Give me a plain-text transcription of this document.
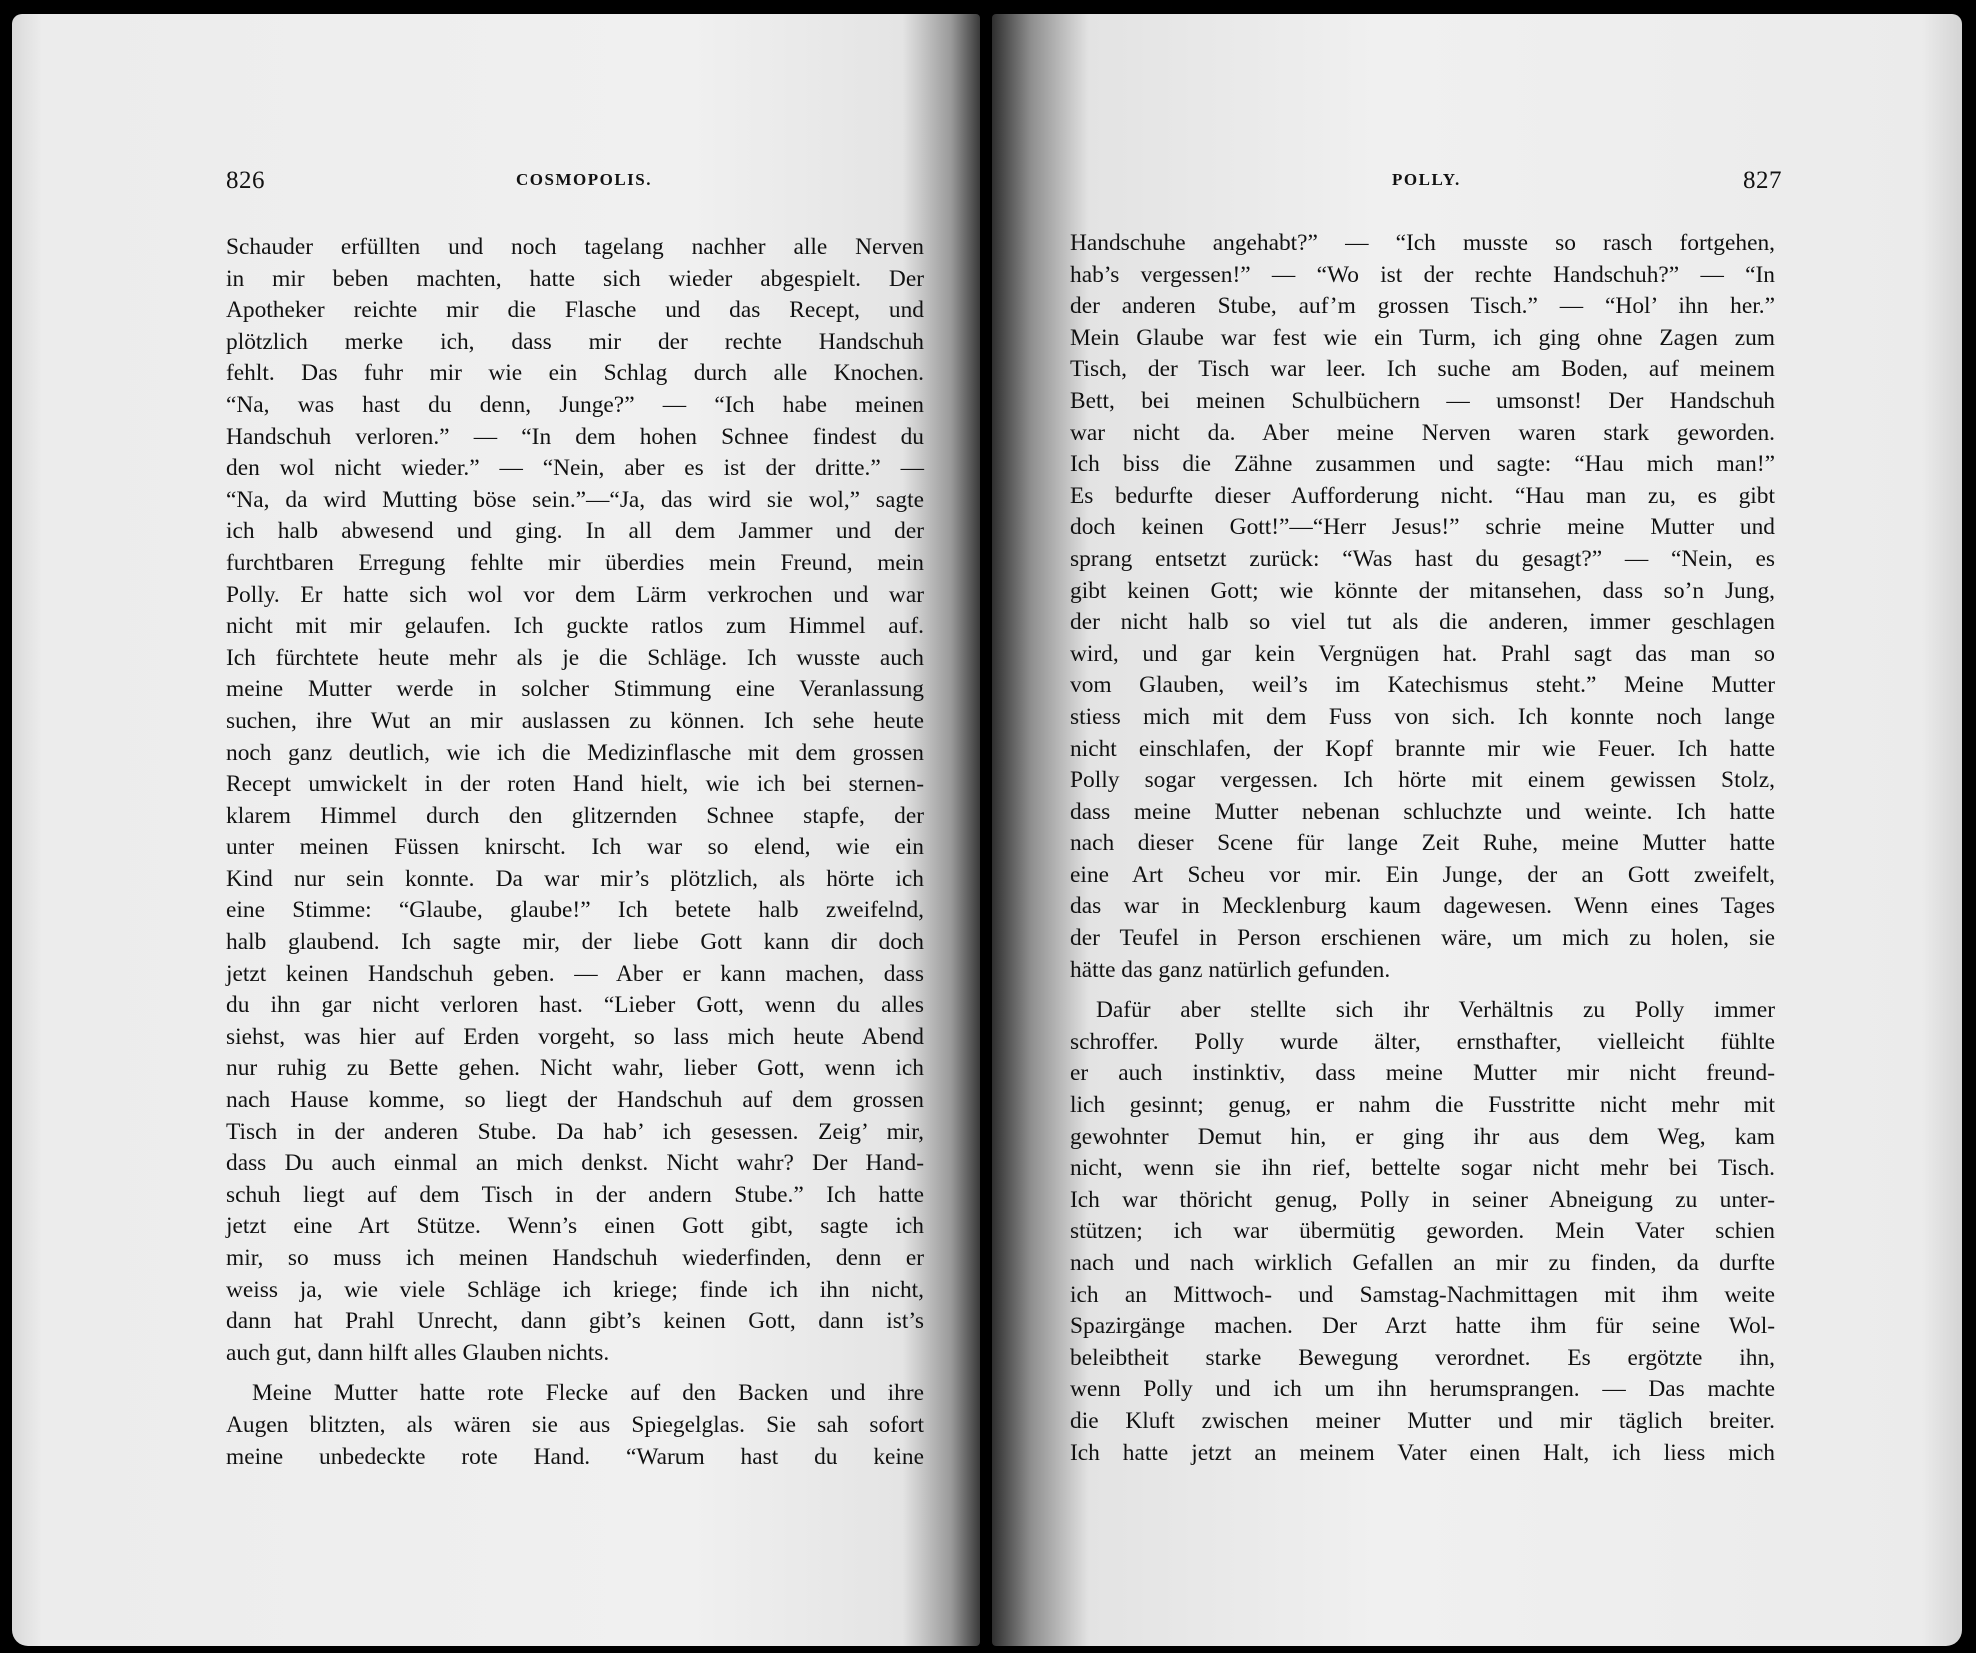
826	COSMOPOLIS.
Schauder erfüllten und noch tagelang nachher alle Nerven
in mir beben machten, hatte sich wieder abgespielt. Der
Apotheker reichte mir die Flasche und das Recept, und
plötzlich merke ich, dass mir der rechte Handschuh
fehlt. Das fuhr mir wie ein Schlag durch alle Knochen.
“Na, was hast du denn, Junge?” — “Ich habe meinen
Handschuh verloren.” — “In dem hohen Schnee findest du
den wol nicht wieder.” — “Nein, aber es ist der dritte.” —
“Na, da wird Mutting böse sein.”—“Ja, das wird sie wol,” sagte
ich halb abwesend und ging. In all dem Jammer und der
furchtbaren Erregung fehlte mir überdies mein Freund, mein
Polly. Er hatte sich wol vor dem Lärm verkrochen und war
nicht mit mir gelaufen. Ich guckte ratlos zum Himmel auf.
Ich fürchtete heute mehr als je die Schläge. Ich wusste auch
meine Mutter werde in solcher Stimmung eine Veranlassung
suchen, ihre Wut an mir auslassen zu können. Ich sehe heute
noch ganz deutlich, wie ich die Medizinflasche mit dem grossen
Recept umwickelt in der roten Hand hielt, wie ich bei sternen-
klarem Himmel durch den glitzernden Schnee stapfe, der
unter meinen Füssen knirscht. Ich war so elend, wie ein
Kind nur sein konnte. Da war mir’s plötzlich, als hörte ich
eine Stimme: “Glaube, glaube!” Ich betete halb zweifelnd,
halb glaubend. Ich sagte mir, der liebe Gott kann dir doch
jetzt keinen Handschuh geben. — Aber er kann machen, dass
du ihn gar nicht verloren hast. “Lieber Gott, wenn du alles
siehst, was hier auf Erden vorgeht, so lass mich heute Abend
nur ruhig zu Bette gehen. Nicht wahr, lieber Gott, wenn ich
nach Hause komme, so liegt der Handschuh auf dem grossen
Tisch in der anderen Stube. Da hab’ ich gesessen. Zeig’ mir,
dass Du auch einmal an mich denkst. Nicht wahr? Der Hand-
schuh liegt auf dem Tisch in der andern Stube.” Ich hatte
jetzt eine Art Stütze. Wenn’s einen Gott gibt, sagte ich
mir, so muss ich meinen Handschuh wiederfinden, denn er
weiss ja, wie viele Schläge ich kriege; finde ich ihn nicht,
dann hat Prahl Unrecht, dann gibt’s keinen Gott, dann ist’s
auch gut, dann hilft alles Glauben nichts.
Meine Mutter hatte rote Flecke auf den Backen und ihre
Augen blitzten, als wären sie aus Spiegelglas. Sie sah sofort
meine unbedeckte rote Hand. “Warum hast du keine
POLLY.	827
Handschuhe angehabt?” — “Ich musste so rasch fortgehen,
hab’s vergessen!” — “Wo ist der rechte Handschuh?” — “In
der anderen Stube, auf’m grossen Tisch.” — “Hol’ ihn her.”
Mein Glaube war fest wie ein Turm, ich ging ohne Zagen zum
Tisch, der Tisch war leer. Ich suche am Boden, auf meinem
Bett, bei meinen Schulbüchern — umsonst! Der Handschuh
war nicht da. Aber meine Nerven waren stark geworden.
Ich biss die Zähne zusammen und sagte: “Hau mich man!”
Es bedurfte dieser Aufforderung nicht. “Hau man zu, es gibt
doch keinen Gott!”—“Herr Jesus!” schrie meine Mutter und
sprang entsetzt zurück: “Was hast du gesagt?” — “Nein, es
gibt keinen Gott; wie könnte der mitansehen, dass so’n Jung,
der nicht halb so viel tut als die anderen, immer geschlagen
wird, und gar kein Vergnügen hat. Prahl sagt das man so
vom Glauben, weil’s im Katechismus steht.” Meine Mutter
stiess mich mit dem Fuss von sich. Ich konnte noch lange
nicht einschlafen, der Kopf brannte mir wie Feuer. Ich hatte
Polly sogar vergessen. Ich hörte mit einem gewissen Stolz,
dass meine Mutter nebenan schluchzte und weinte. Ich hatte
nach dieser Scene für lange Zeit Ruhe, meine Mutter hatte
eine Art Scheu vor mir. Ein Junge, der an Gott zweifelt,
das war in Mecklenburg kaum dagewesen. Wenn eines Tages
der Teufel in Person erschienen wäre, um mich zu holen, sie
hätte das ganz natürlich gefunden.
Dafür aber stellte sich ihr Verhältnis zu Polly immer
schroffer. Polly wurde älter, ernsthafter, vielleicht fühlte
er auch instinktiv, dass meine Mutter mir nicht freund-
lich gesinnt; genug, er nahm die Fusstritte nicht mehr mit
gewohnter Demut hin, er ging ihr aus dem Weg, kam
nicht, wenn sie ihn rief, bettelte sogar nicht mehr bei Tisch.
Ich war thöricht genug, Polly in seiner Abneigung zu unter-
stützen; ich war übermütig geworden. Mein Vater schien
nach und nach wirklich Gefallen an mir zu finden, da durfte
ich an Mittwoch- und Samstag-Nachmittagen mit ihm weite
Spazirgänge machen. Der Arzt hatte ihm für seine Wol-
beleibtheit starke Bewegung verordnet. Es ergötzte ihn,
wenn Polly und ich um ihn herumsprangen. — Das machte
die Kluft zwischen meiner Mutter und mir täglich breiter.
Ich hatte jetzt an meinem Vater einen Halt, ich liess mich
